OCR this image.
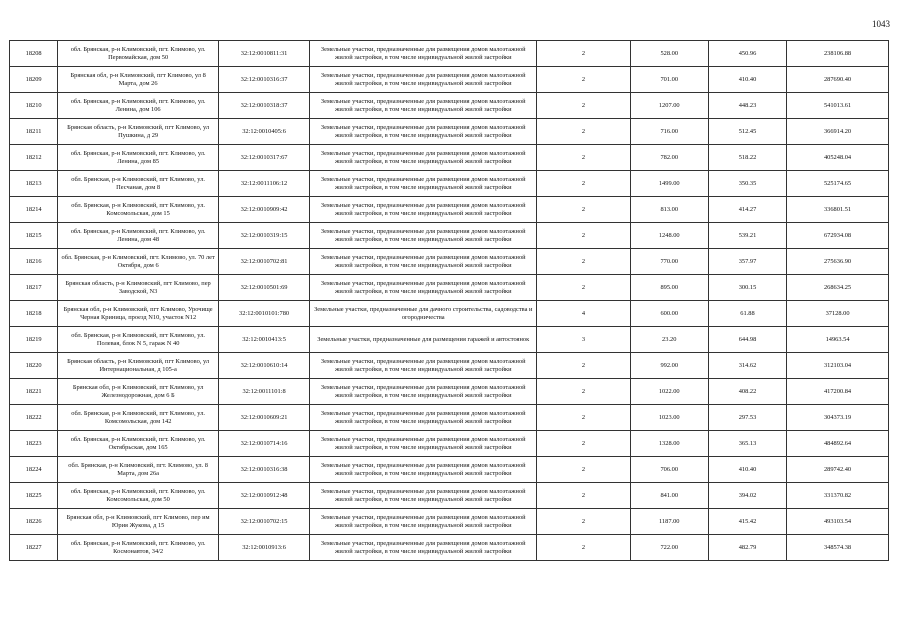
1043
18208	обл. Брянская, р-н Климовский, пгт. Климово, ул. Первомайская, дом 50	32:12:0010811:31	Земельные участки, предназначенные для размещения домов малоэтажной жилой застройки, в том числе индивидуальной жилой застройки	2	528.00	450.96	238106.88
18209	Брянская обл, р-н Климовский, пгт Климово, ул 8 Марта, дом 26	32:12:0010316:37	Земельные участки, предназначенные для размещения домов малоэтажной жилой застройки, в том числе индивидуальной жилой застройки	2	701.00	410.40	287690.40
18210	обл. Брянская, р-н Климовский, пгт. Климово, ул. Ленина, дом 106	32:12:0010318:37	Земельные участки, предназначенные для размещения домов малоэтажной жилой застройки, в том числе индивидуальной жилой застройки	2	1207.00	448.23	541013.61
18211	Брянская область, р-н Климовский, пгт Климово, ул Пушкина, д 29	32:12:0010405:6	Земельные участки, предназначенные для размещения домов малоэтажной жилой застройки, в том числе индивидуальной жилой застройки	2	716.00	512.45	366914.20
18212	обл. Брянская, р-н Климовский, пгт. Климово, ул. Ленина, дом 85	32:12:0010317:67	Земельные участки, предназначенные для размещения домов малоэтажной жилой застройки, в том числе индивидуальной жилой застройки	2	782.00	518.22	405248.04
18213	обл. Брянская, р-н Климовский, пгт Климово, ул. Песчаная, дом 8	32:12:0011106:12	Земельные участки, предназначенные для размещения домов малоэтажной жилой застройки, в том числе индивидуальной жилой застройки	2	1499.00	350.35	525174.65
18214	обл. Брянская, р-н Климовский, пгт Климово, ул. Комсомольская, дом 15	32:12:0010909:42	Земельные участки, предназначенные для размещения домов малоэтажной жилой застройки, в том числе индивидуальной жилой застройки	2	813.00	414.27	336801.51
18215	обл. Брянская, р-н Климовский, пгт. Климово, ул. Ленина, дом 48	32:12:0010319:15	Земельные участки, предназначенные для размещения домов малоэтажной жилой застройки, в том числе индивидуальной жилой застройки	2	1248.00	539.21	672934.08
18216	обл. Брянская, р-н Климовский, пгт. Климово, ул. 70 лет Октября, дом 6	32:12:0010702:81	Земельные участки, предназначенные для размещения домов малоэтажной жилой застройки, в том числе индивидуальной жилой застройки	2	770.00	357.97	275636.90
18217	Брянская область, р-н Климовский, пгт Климово, пер Заводской, N3	32:12:0010501:69	Земельные участки, предназначенные для размещения домов малоэтажной жилой застройки, в том числе индивидуальной жилой застройки	2	895.00	300.15	268634.25
18218	Брянская обл, р-н Климовский, пгт Климово, Урочище Черная Криница, проезд N10, участок N12	32:12:0010101:780	Земельные участки, предназначенные для дачного строительства, садоводства и огородничества	4	600.00	61.88	37128.00
18219	обл. Брянская, р-н Климовский, пгт Климово, ул. Полевая, блок N 5, гараж N 40	32:12:0010413:5	Земельные участки, предназначенные для размещения гаражей и автостоянок	3	23.20	644.98	14963.54
18220	Брянская область, р-н Климовский, пгт Климово, ул Интернациональная, д 105-а	32:12:0010610:14	Земельные участки, предназначенные для размещения домов малоэтажной жилой застройки, в том числе индивидуальной жилой застройки	2	992.00	314.62	312103.04
18221	Брянская обл, р-н Климовский, пгт Климово, ул Железнодорожная, дом 6 Б	32:12:0011101:8	Земельные участки, предназначенные для размещения домов малоэтажной жилой застройки, в том числе индивидуальной жилой застройки	2	1022.00	408.22	417200.84
18222	обл. Брянская, р-н Климовский, пгт Климово, ул. Комсомольская, дом 142	32:12:0010609:21	Земельные участки, предназначенные для размещения домов малоэтажной жилой застройки, в том числе индивидуальной жилой застройки	2	1023.00	297.53	304373.19
18223	обл. Брянская, р-н Климовский, пгт. Климово, ул. Октябрьская, дом 165	32:12:0010714:16	Земельные участки, предназначенные для размещения домов малоэтажной жилой застройки, в том числе индивидуальной жилой застройки	2	1328.00	365.13	484892.64
18224	обл. Брянская, р-н Климовский, пгт. Климово, ул. 8 Марта, дом 26а	32:12:0010316:38	Земельные участки, предназначенные для размещения домов малоэтажной жилой застройки, в том числе индивидуальной жилой застройки	2	706.00	410.40	289742.40
18225	обл. Брянская, р-н Климовский, пгт. Климово, ул. Комсомольская, дом 50	32:12:0010912:48	Земельные участки, предназначенные для размещения домов малоэтажной жилой застройки, в том числе индивидуальной жилой застройки	2	841.00	394.02	331370.82
18226	Брянская обл, р-н Климовский, пгт Климово, пер им Юрия Жукова, д 15	32:12:0010702:15	Земельные участки, предназначенные для размещения домов малоэтажной жилой застройки, в том числе индивидуальной жилой застройки	2	1187.00	415.42	493103.54
18227	обл. Брянская, р-н Климовский, пгт. Климово, ул. Космонавтов, 34/2	32:12:0010913:6	Земельные участки, предназначенные для размещения домов малоэтажной жилой застройки, в том числе индивидуальной жилой застройки	2	722.00	482.79	348574.38
